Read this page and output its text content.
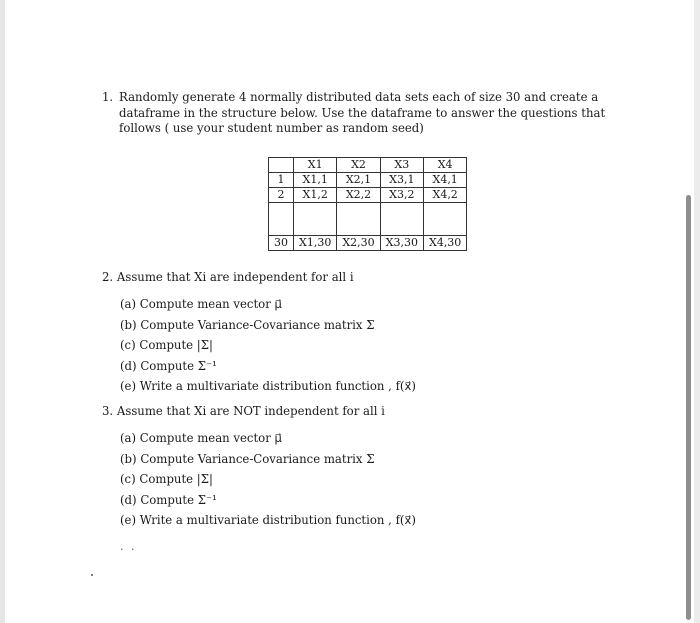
1. Randomly generate 4 normally distributed data sets each of size 30 and create a dataframe in the structure below. Use the dataframe to answer the questions that follows ( use your student number as random seed)
	X1	X2	X3	X4
1	X1,1	X2,1	X3,1	X4,1
2	X1,2	X2,2	X3,2	X4,2

30	X1,30	X2,30	X3,30	X4,30
2. Assume that Xi are independent for all i
(a) Compute mean vector μ⃗
(b) Compute Variance-Covariance matrix Σ
(c) Compute |Σ|
(d) Compute Σ⁻¹
(e) Write a multivariate distribution function , f(x⃗)
3. Assume that Xi are NOT independent for all i
(a) Compute mean vector μ⃗
(b) Compute Variance-Covariance matrix Σ
(c) Compute |Σ|
(d) Compute Σ⁻¹
(e) Write a multivariate distribution function , f(x⃗)
. .
